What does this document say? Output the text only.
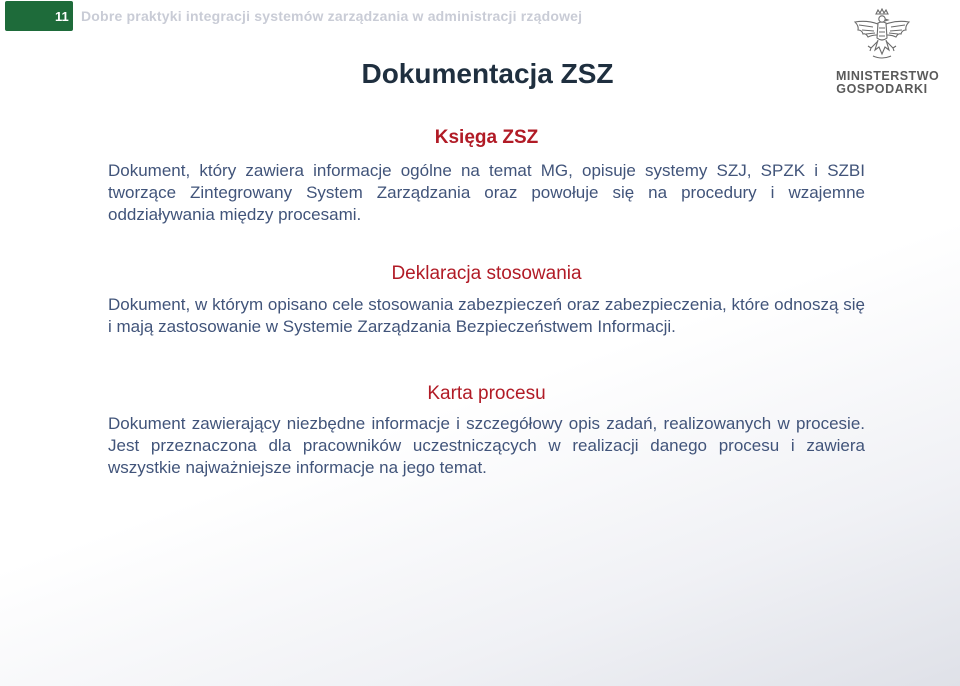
11 Dobre praktyki integracji systemów zarządzania w administracji rządowej
MINISTERSTWO
GOSPODARKI
Dokumentacja ZSZ
Księga ZSZ
Dokument, który zawiera informacje ogólne na temat MG, opisuje systemy SZJ, SPZK i SZBI tworzące Zintegrowany System Zarządzania oraz powołuje się na procedury i wzajemne oddziaływania między procesami.
Deklaracja stosowania
Dokument, w którym opisano cele stosowania zabezpieczeń oraz zabezpieczenia, które odnoszą się i mają zastosowanie w Systemie Zarządzania Bezpieczeństwem Informacji.
Karta procesu
Dokument zawierający niezbędne informacje i szczegółowy opis zadań, realizowanych w procesie. Jest przeznaczona dla pracowników uczestniczących w realizacji danego procesu i zawiera wszystkie najważniejsze informacje na jego temat.
